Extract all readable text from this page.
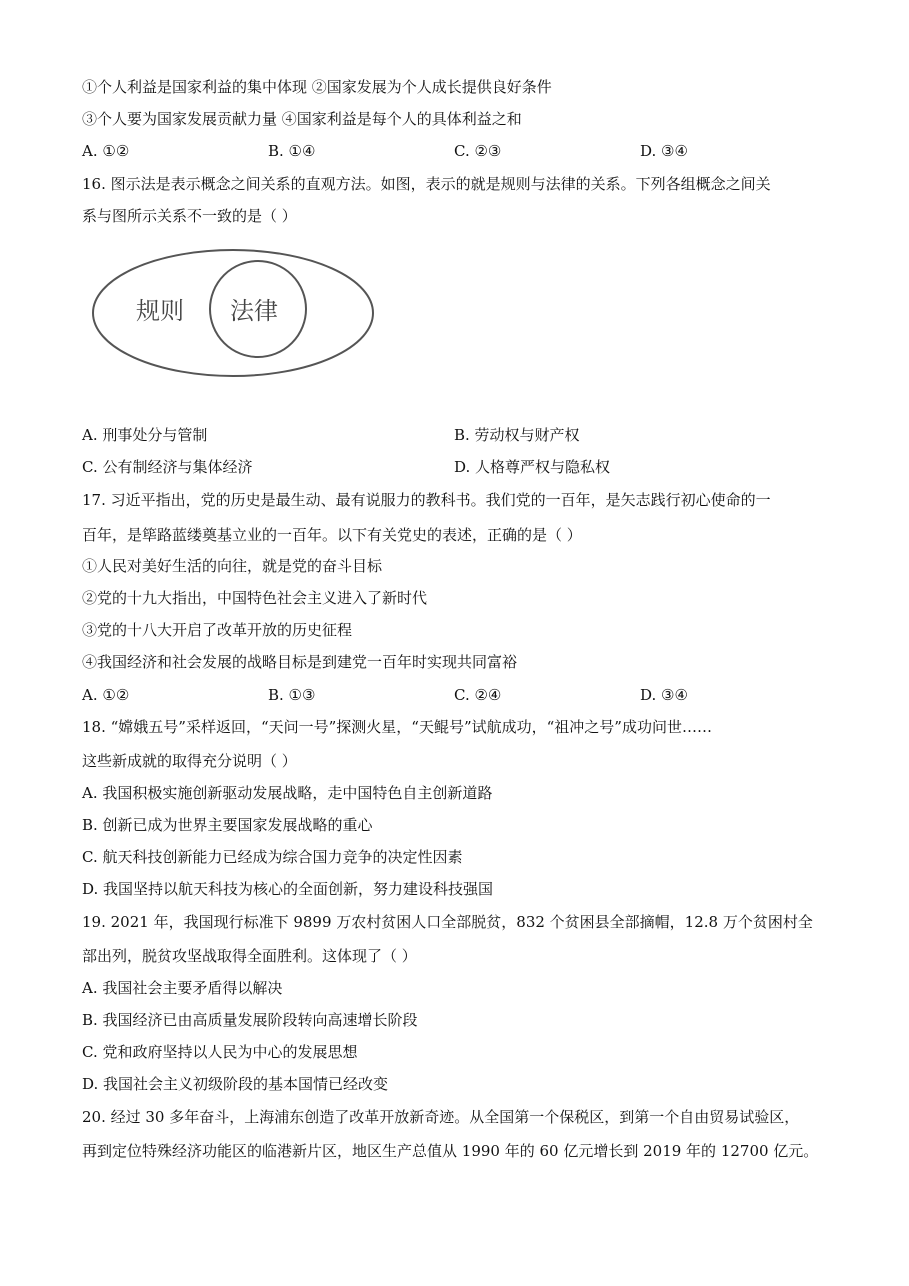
①个人利益是国家利益的集中体现 ②国家发展为个人成长提供良好条件
③个人要为国家发展贡献力量 ④国家利益是每个人的具体利益之和
A. ①②	B. ①④	C. ②③	D. ③④
16. 图示法是表示概念之间关系的直观方法。如图，表示的就是规则与法律的关系。下列各组概念之间关
系与图所示关系不一致的是（ ）
规则 法律
A. 刑事处分与管制	B. 劳动权与财产权
C. 公有制经济与集体经济	D. 人格尊严权与隐私权
17. 习近平指出，党的历史是最生动、最有说服力的教科书。我们党的一百年，是矢志践行初心使命的一
百年，是筚路蓝缕奠基立业的一百年。以下有关党史的表述，正确的是（ ）
①人民对美好生活的向往，就是党的奋斗目标
②党的十九大指出，中国特色社会主义进入了新时代
③党的十八大开启了改革开放的历史征程
④我国经济和社会发展的战略目标是到建党一百年时实现共同富裕
A. ①②	B. ①③	C. ②④	D. ③④
18. “嫦娥五号”采样返回，“天问一号”探测火星，“天鲲号”试航成功，“祖冲之号”成功问世……
这些新成就的取得充分说明（ ）
A. 我国积极实施创新驱动发展战略，走中国特色自主创新道路
B. 创新已成为世界主要国家发展战略的重心
C. 航天科技创新能力已经成为综合国力竞争的决定性因素
D. 我国坚持以航天科技为核心的全面创新，努力建设科技强国
19. 2021 年，我国现行标准下 9899 万农村贫困人口全部脱贫，832 个贫困县全部摘帽，12.8 万个贫困村全
部出列，脱贫攻坚战取得全面胜利。这体现了（ ）
A. 我国社会主要矛盾得以解决
B. 我国经济已由高质量发展阶段转向高速增长阶段
C. 党和政府坚持以人民为中心的发展思想
D. 我国社会主义初级阶段的基本国情已经改变
20. 经过 30 多年奋斗，上海浦东创造了改革开放新奇迹。从全国第一个保税区，到第一个自由贸易试验区，
再到定位特殊经济功能区的临港新片区，地区生产总值从 1990 年的 60 亿元增长到 2019 年的 12700 亿元。
